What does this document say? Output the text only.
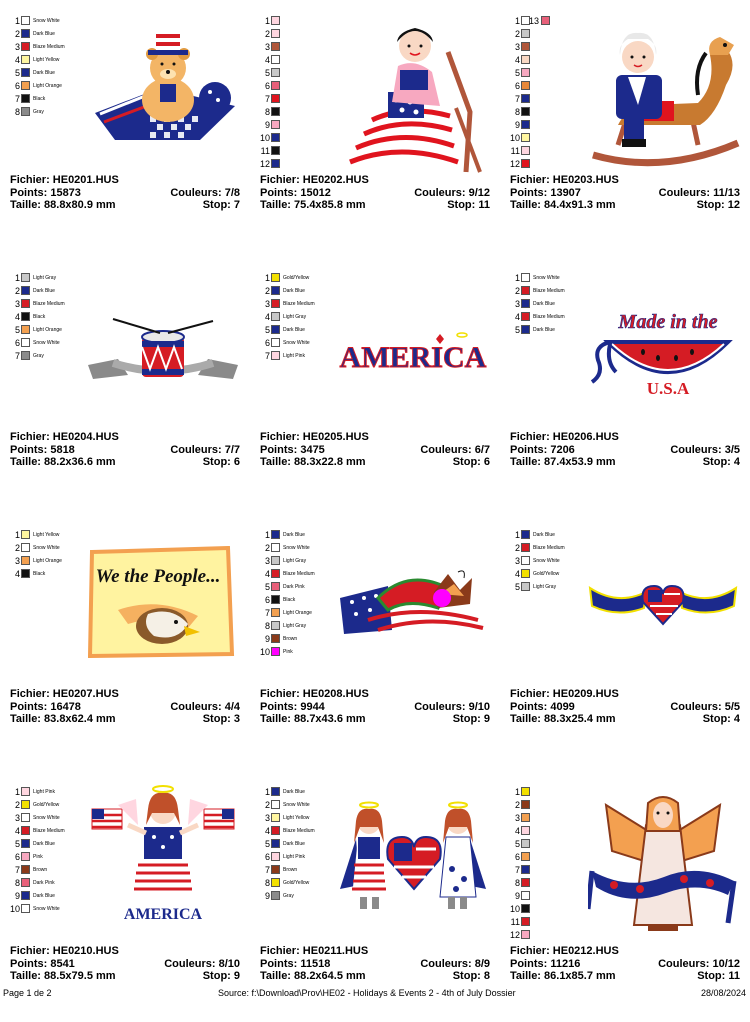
1	Snow White
2	Dark Blue
3	Blaze Medium
4	Light Yellow
5	Dark Blue
6	Light Orange
7	Black
8	Gray
Fichier: HE0201.HUS
Points: 15873	Couleurs: 7/8
Taille: 88.8x80.9 mm	Stop: 7
1
2
3
4
5
6
7
8
9
10
11
12
Fichier: HE0202.HUS
Points: 15012	Couleurs: 9/12
Taille: 75.4x85.8 mm	Stop: 11
1
2
3
4
5
6
7
8
9
10
11
12
13
Fichier: HE0203.HUS
Points: 13907	Couleurs: 11/13
Taille: 84.4x91.3 mm	Stop: 12
1	Light Gray
2	Dark Blue
3	Blaze Medium
4	Black
5	Light Orange
6	Snow White
7	Gray
Fichier: HE0204.HUS
Points: 5818	Couleurs: 7/7
Taille: 88.2x36.6 mm	Stop: 6
1	Gold/Yellow
2	Dark Blue
3	Blaze Medium
4	Light Gray
5	Dark Blue
6	Snow White
7	Light Pink AMERICA
Fichier: HE0205.HUS
Points: 3475	Couleurs: 6/7
Taille: 88.3x22.8 mm	Stop: 6
1	Snow White
2	Blaze Medium
3	Dark Blue
4	Blaze Medium
5	Dark Blue	Made in the
U.S.A
Fichier: HE0206.HUS
Points: 7206	Couleurs: 3/5
Taille: 87.4x53.9 mm	Stop: 4
1	Light Yellow
2	Snow White
3	Light Orange
4	Black	We the People...
Fichier: HE0207.HUS
Points: 16478	Couleurs: 4/4
Taille: 83.8x62.4 mm	Stop: 3
1	Dark Blue
2	Snow White
3	Light Gray
4	Blaze Medium
5	Dark Pink
6	Black
7	Light Orange
8	Light Gray
9	Brown
10	Pink
Fichier: HE0208.HUS
Points: 9944	Couleurs: 9/10
Taille: 88.7x43.6 mm	Stop: 9
1	Dark Blue
2	Blaze Medium
3	Snow White
4	Gold/Yellow
5	Light Gray
Fichier: HE0209.HUS
Points: 4099	Couleurs: 5/5
Taille: 88.3x25.4 mm	Stop: 4
1	Light Pink
2	Gold/Yellow
3	Snow White
4	Blaze Medium
5	Dark Blue
6	Pink
7	Brown
8	Dark Pink
9	Dark Blue
10	Snow White	AMERICA
Fichier: HE0210.HUS
Points: 8541	Couleurs: 8/10
Taille: 88.5x79.5 mm	Stop: 9
1	Dark Blue
2	Snow White
3	Light Yellow
4	Blaze Medium
5	Dark Blue
6	Light Pink
7	Brown
8	Gold/Yellow
9	Gray
Fichier: HE0211.HUS
Points: 11518	Couleurs: 8/9
Taille: 88.2x64.5 mm	Stop: 8
1
2
3
4
5
6
7
8
9
10
11
12
Fichier: HE0212.HUS
Points: 11216	Couleurs: 10/12
Taille: 86.1x85.7 mm	Stop: 11
Page 1 de 2	Source: f:\Download\Prov\HE02 - Holidays & Events 2 - 4th of July Dossier	28/08/2024
